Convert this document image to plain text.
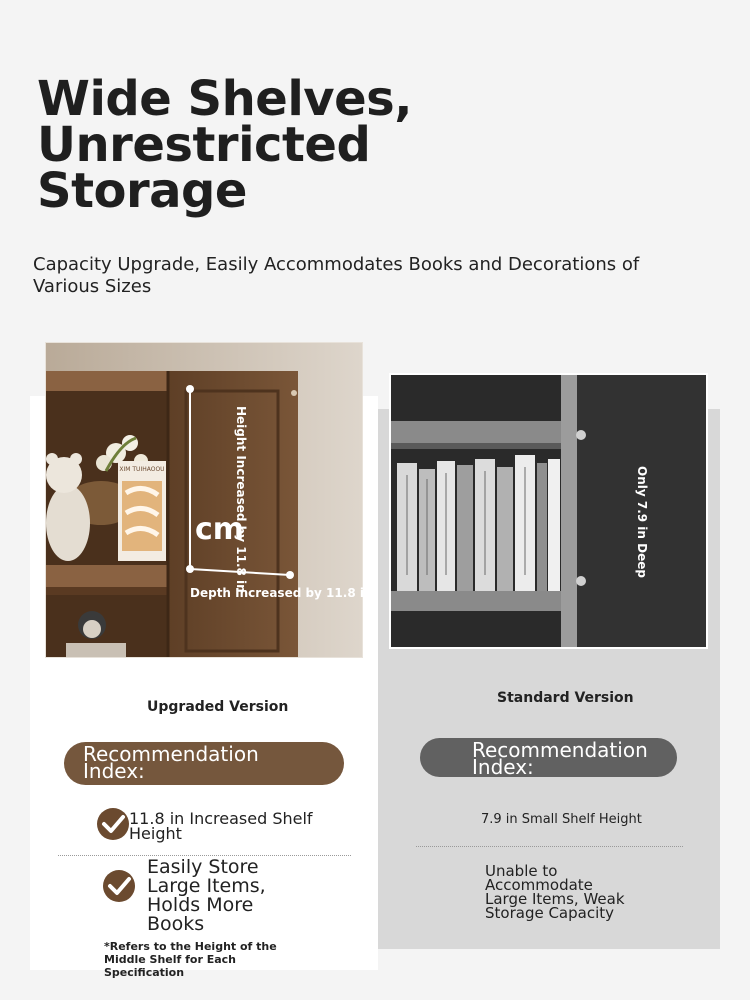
Wide Shelves,
Unrestricted
Storage

Capacity Upgrade, Easily Accommodates Books and Decorations of Various Sizes

XIM TUIHAOOU	Height Increased by 11.8 in
cm
Depth Increased by 11.8 in
Only 7.9 in Deep
Upgraded Version
Standard Version
Recommendation Index:
Recommendation Index:
11.8 in Increased Shelf Height
Easily Store Large Items, Holds More Books
*Refers to the Height of the Middle Shelf for Each Specification
7.9 in Small Shelf Height
Unable to Accommodate Large Items, Weak Storage Capacity
